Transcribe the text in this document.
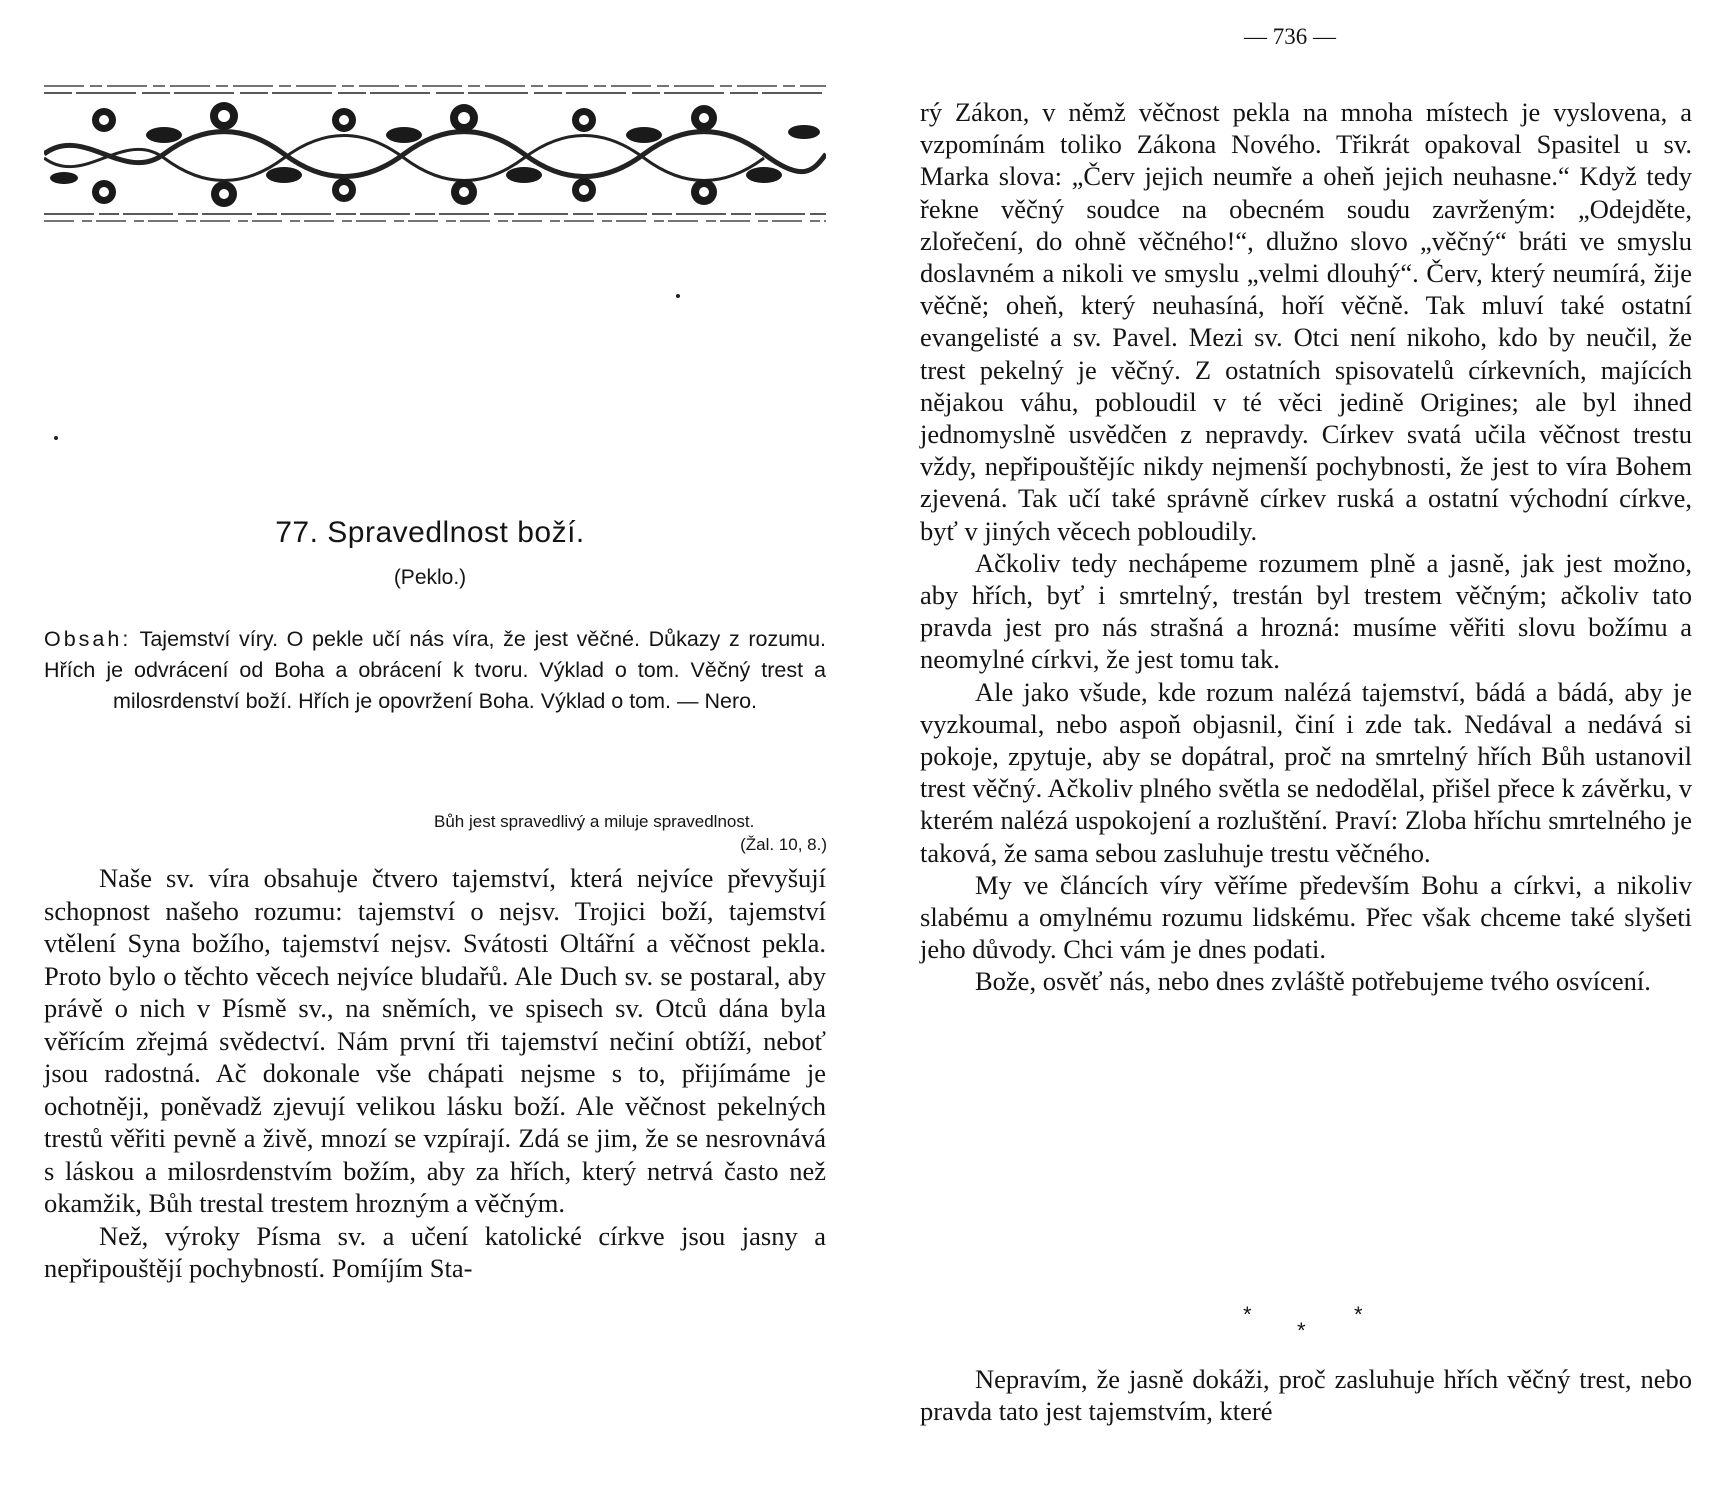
77. Spravedlnost boží.
(Peklo.)
Obsah: Tajemství víry. O pekle učí nás víra, že jest věčné. Důkazy z rozumu. Hřích je odvrácení od Boha a obrácení k tvoru. Výklad o tom. Věčný trest a milosrdenství boží. Hřích je opovržení Boha. Výklad o tom. — Nero.
Bůh jest spravedlivý a miluje spravedlnost.
(Žal. 10, 8.)

Naše sv. víra obsahuje čtvero tajemství, která nejvíce převyšují schopnost našeho rozumu: tajemství o nejsv. Trojici boží, tajemství vtělení Syna božího, tajemství nejsv. Svátosti Oltářní a věčnost pekla. Proto bylo o těchto věcech nejvíce bludařů. Ale Duch sv. se postaral, aby právě o nich v Písmě sv., na sněmích, ve spisech sv. Otců dána byla věřícím zřejmá svědectví. Nám první tři tajemství nečiní obtíží, neboť jsou radostná. Ač dokonale vše chápati nejsme s to, přijímáme je ochotněji, poněvadž zjevují velikou lásku boží. Ale věčnost pekelných trestů věřiti pevně a živě, mnozí se vzpírají. Zdá se jim, že se nesrovnává s láskou a milosrdenstvím božím, aby za hřích, který netrvá často než okamžik, Bůh trestal trestem hrozným a věčným.

Než, výroky Písma sv. a učení katolické církve jsou jasny a nepřipouštějí pochybností. Pomíjím Sta-

— 736 —

rý Zákon, v němž věčnost pekla na mnoha místech je vyslovena, a vzpomínám toliko Zákona Nového. Třikrát opakoval Spasitel u sv. Marka slova: „Červ jejich neumře a oheň jejich neuhasne.“ Když tedy řekne věčný soudce na obecném soudu zavrženým: „Odejděte, zlořečení, do ohně věčného!“, dlužno slovo „věčný“ bráti ve smyslu doslavném a nikoli ve smyslu „velmi dlouhý“. Červ, který neumírá, žije věčně; oheň, který neuhasíná, hoří věčně. Tak mluví také ostatní evangelisté a sv. Pavel. Mezi sv. Otci není nikoho, kdo by neučil, že trest pekelný je věčný. Z ostatních spisovatelů církevních, majících nějakou váhu, pobloudil v té věci jedině Origines; ale byl ihned jednomyslně usvědčen z nepravdy. Církev svatá učila věčnost trestu vždy, nepřipouštějíc nikdy nejmenší pochybnosti, že jest to víra Bohem zjevená. Tak učí také správně církev ruská a ostatní východní církve, byť v jiných věcech pobloudily.

Ačkoliv tedy nechápeme rozumem plně a jasně, jak jest možno, aby hřích, byť i smrtelný, trestán byl trestem věčným; ačkoliv tato pravda jest pro nás strašná a hrozná: musíme věřiti slovu božímu a neomylné církvi, že jest tomu tak.

Ale jako všude, kde rozum nalézá tajemství, bádá a bádá, aby je vyzkoumal, nebo aspoň objasnil, činí i zde tak. Nedával a nedává si pokoje, zpytuje, aby se dopátral, proč na smrtelný hřích Bůh ustanovil trest věčný. Ačkoliv plného světla se nedodělal, přišel přece k závěrku, v kterém nalézá uspokojení a rozluštění. Praví: Zloba hříchu smrtelného je taková, že sama sebou zasluhuje trestu věčného.

My ve článcích víry věříme především Bohu a církvi, a nikoliv slabému a omylnému rozumu lidskému. Přec však chceme také slyšeti jeho důvody. Chci vám je dnes podati.

Bože, osvěť nás, nebo dnes zvláště potřebujeme tvého osvícení.

*
*
*

Nepravím, že jasně dokáži, proč zasluhuje hřích věčný trest, nebo pravda tato jest tajemstvím, které
